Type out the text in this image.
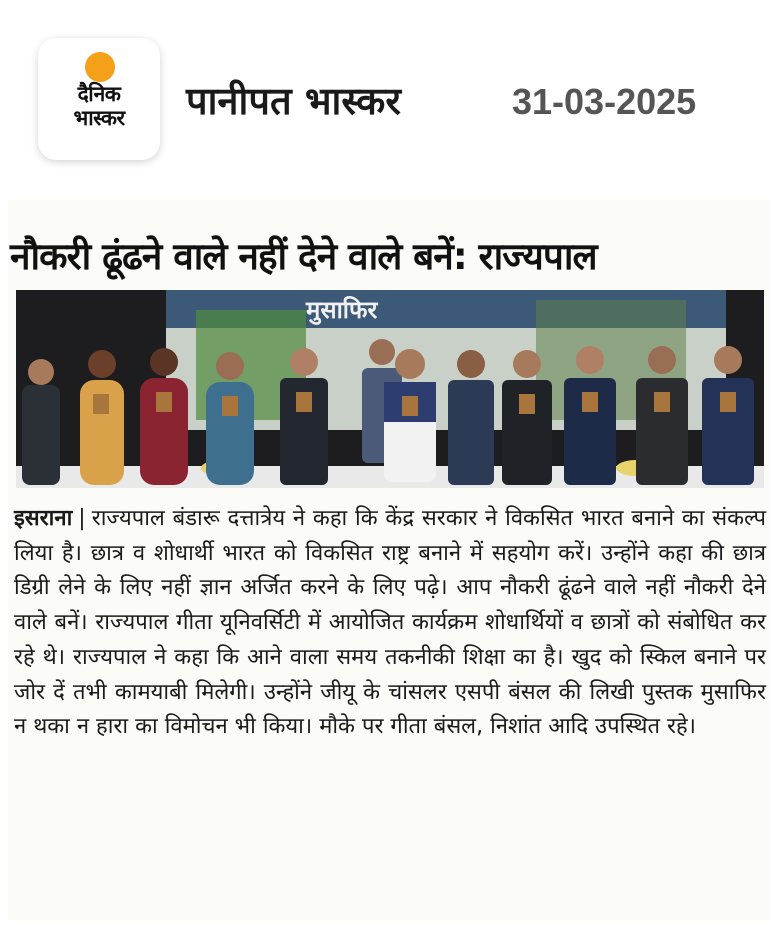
दैनिक
भास्कर	पानीपत भास्कर	31-03-2025
नौकरी ढूंढने वाले नहीं देने वाले बनें: राज्यपाल
मुसाफिर
इसराना | राज्यपाल बंडारू दत्तात्रेय ने कहा कि केंद्र सरकार ने विकसित भारत बनाने का संकल्प लिया है। छात्र व शोधार्थी भारत को विकसित राष्ट्र बनाने में सहयोग करें। उन्होंने कहा की छात्र डिग्री लेने के लिए नहीं ज्ञान अर्जित करने के लिए पढ़े। आप नौकरी ढूंढने वाले नहीं नौकरी देने वाले बनें। राज्यपाल गीता यूनिवर्सिटी में आयोजित कार्यक्रम शोधार्थियों व छात्रों को संबोधित कर रहे थे। राज्यपाल ने कहा कि आने वाला समय तकनीकी शिक्षा का है। खुद को स्किल बनाने पर जोर दें तभी कामयाबी मिलेगी। उन्होंने जीयू के चांसलर एसपी बंसल की लिखी पुस्तक मुसाफिर न थका न हारा का विमोचन भी किया। मौके पर गीता बंसल, निशांत आदि उपस्थित रहे।
